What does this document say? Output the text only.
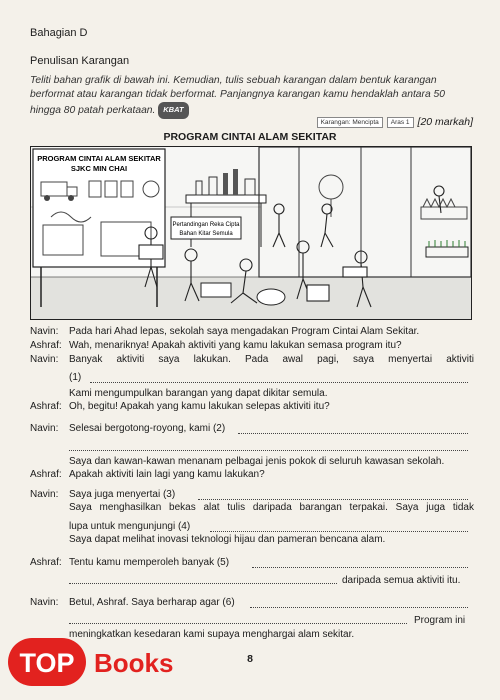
Bahagian D
Penulisan Karangan
Teliti bahan grafik di bawah ini. Kemudian, tulis sebuah karangan dalam bentuk karangan berformat atau karangan tidak berformat. Panjangnya karangan kamu hendaklah antara 50 hingga 80 patah perkataan. KBAT
Karangan: Mencipta	Aras 1 [20 markah]
PROGRAM CINTAI ALAM SEKITAR
PROGRAM CINTAI ALAM SEKITAR
SJKC MIN CHAI
Pertandingan Reka Cipta
Bahan Kitar Semula
Navin:	Pada hari Ahad lepas, sekolah saya mengadakan Program Cintai Alam Sekitar.
Ashraf: Wah, menariknya! Apakah aktiviti yang kamu lakukan semasa program itu?
Navin:	Banyak aktiviti saya lakukan. Pada awal pagi, saya menyertai aktiviti
(1)
Kami mengumpulkan barangan yang dapat dikitar semula.
Ashraf: Oh, begitu! Apakah yang kamu lakukan selepas aktiviti itu?
Navin:	Selesai bergotong-royong, kami (2)
Saya dan kawan-kawan menanam pelbagai jenis pokok di seluruh kawasan sekolah.
Ashraf: Apakah aktiviti lain lagi yang kamu lakukan?
Navin:	Saya juga menyertai (3)
Saya menghasilkan bekas alat tulis daripada barangan terpakai. Saya juga tidak
lupa untuk mengunjungi (4)
Saya dapat melihat inovasi teknologi hijau dan pameran bencana alam.
Ashraf: Tentu kamu memperoleh banyak (5)
daripada semua aktiviti itu.
Navin:	Betul, Ashraf. Saya berharap agar (6)
Program ini
meningkatkan kesedaran kami supaya menghargai alam sekitar.
8
TOP Books
